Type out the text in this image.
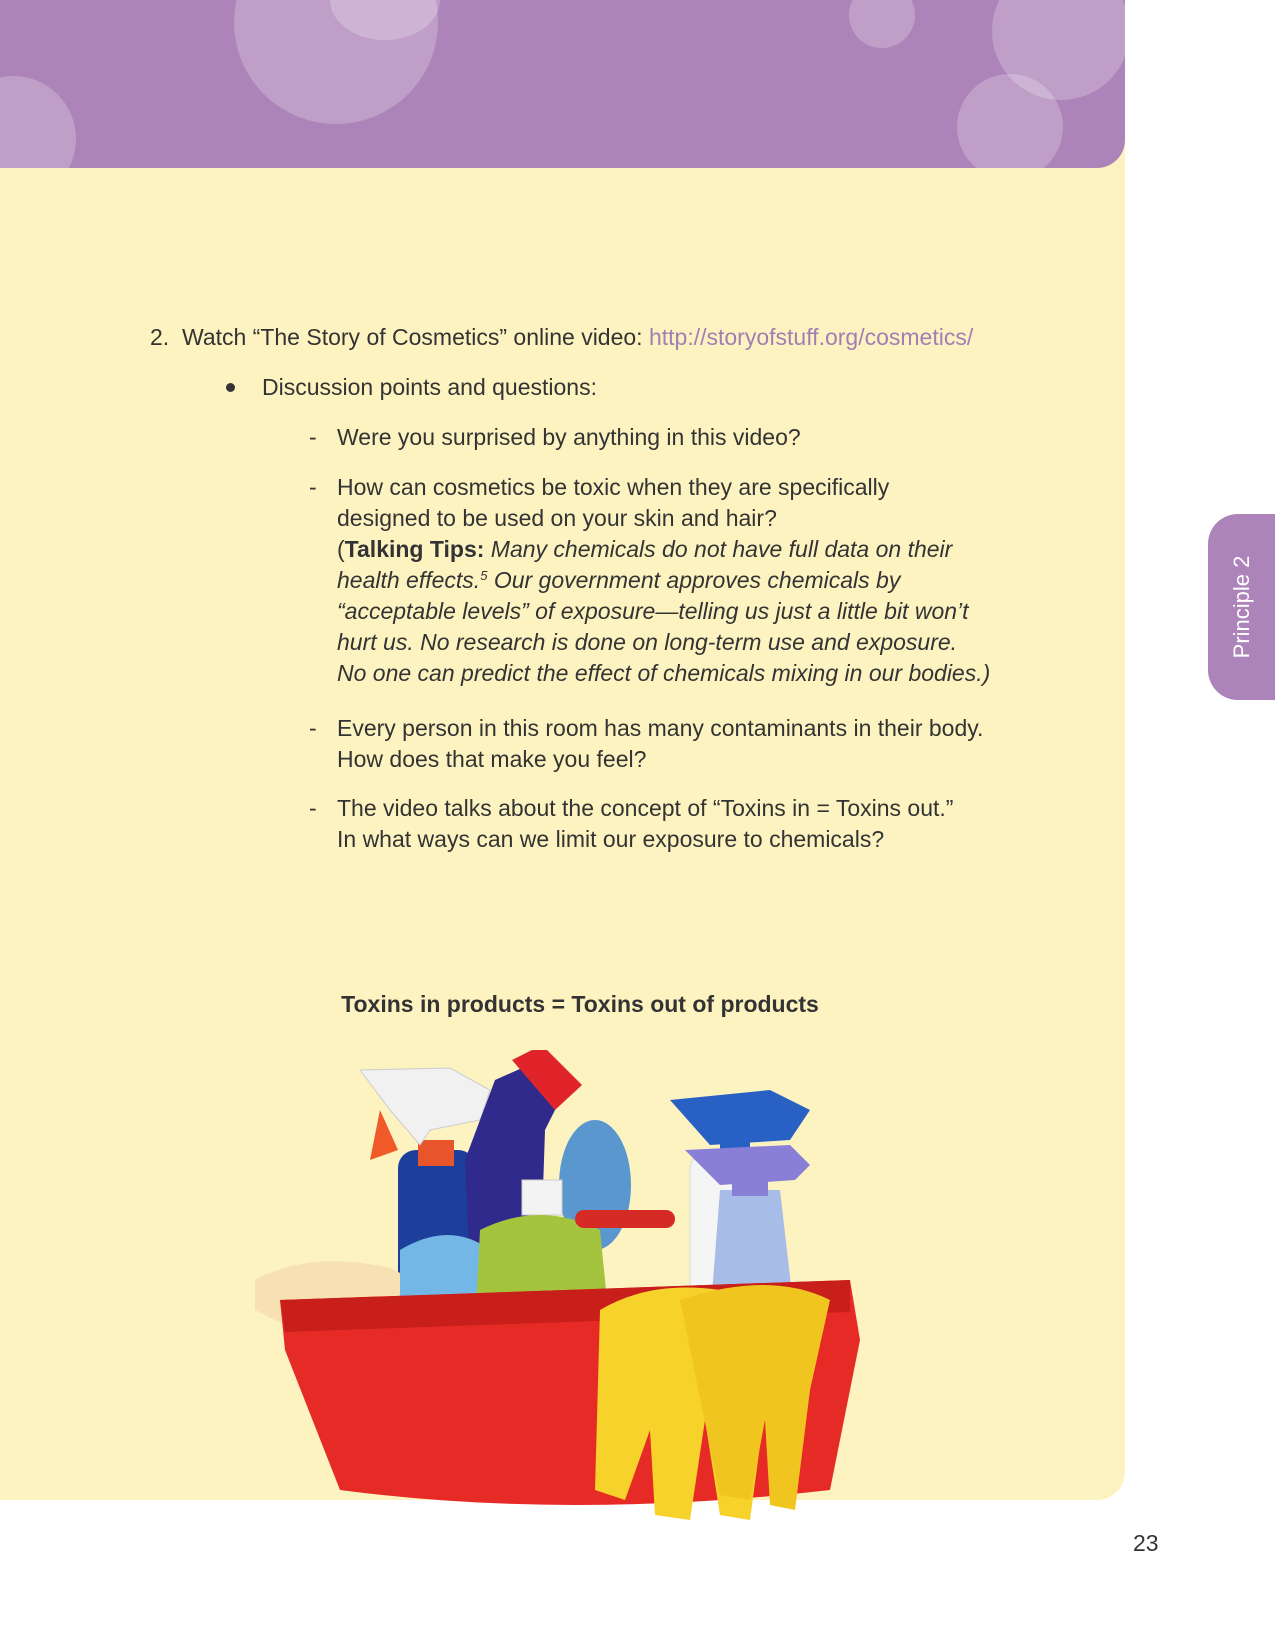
Principle 2
2. Watch “The Story of Cosmetics” online video: http://storyofstuff.org/cosmetics/
Discussion points and questions:
- Were you surprised by anything in this video?
- How can cosmetics be toxic when they are specifically
designed to be used on your skin and hair?
(Talking Tips: Many chemicals do not have full data on their
health effects.$^5$ Our government approves chemicals by
“acceptable levels” of exposure—telling us just a little bit won’t
hurt us. No research is done on long-term use and exposure.
No one can predict the effect of chemicals mixing in our bodies.)
- Every person in this room has many contaminants in their body.
How does that make you feel?
- The video talks about the concept of “Toxins in = Toxins out.”
In what ways can we limit our exposure to chemicals?
Toxins in products = Toxins out of products
23
